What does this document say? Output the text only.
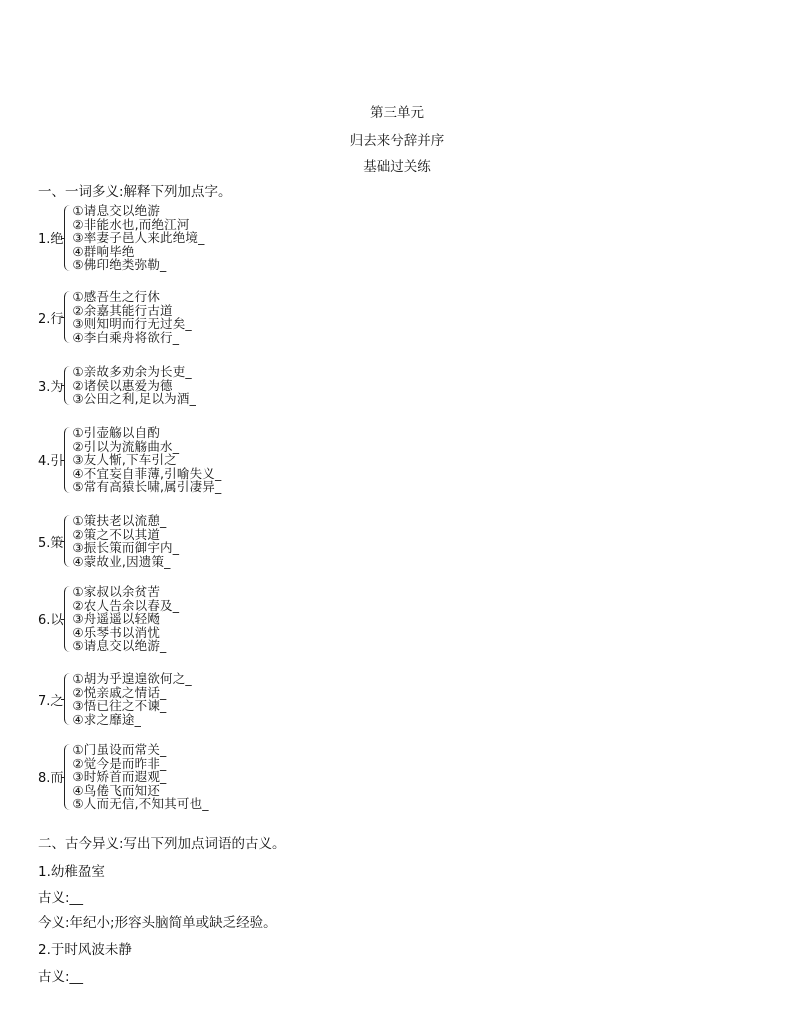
第三单元
归去来兮辞并序
基础过关练
一、一词多义:解释下列加点字。
1.绝
①请息交以绝游
②非能水也,而绝江河
③率妻子邑人来此绝境_
④群响毕绝
⑤佛印绝类弥勒_
2.行
①感吾生之行休
②余嘉其能行古道
③则知明而行无过矣_
④李白乘舟将欲行_
3.为
①亲故多劝余为长吏_
②诸侯以惠爱为德
③公田之利,足以为酒_
4.引
①引壶觞以自酌
②引以为流觞曲水_
③友人惭,下车引之
④不宜妄自菲薄,引喻失义_
⑤常有高猿长啸,属引凄异_
5.策
①策扶老以流憩_
②策之不以其道
③振长策而御宇内_
④蒙故业,因遗策_
6.以
①家叔以余贫苦
②农人告余以春及_
③舟遥遥以轻飏
④乐琴书以消忧
⑤请息交以绝游_
7.之
①胡为乎遑遑欲何之_
②悦亲戚之情话_
③悟已往之不谏_
④求之靡途_
8.而
①门虽设而常关_
②觉今是而昨非_
③时矫首而遐观_
④鸟倦飞而知还
⑤人而无信,不知其可也_
二、古今异义:写出下列加点词语的古义。
1.幼稚盈室
古义:__
今义:年纪小;形容头脑简单或缺乏经验。
2.于时风波未静
古义:__
